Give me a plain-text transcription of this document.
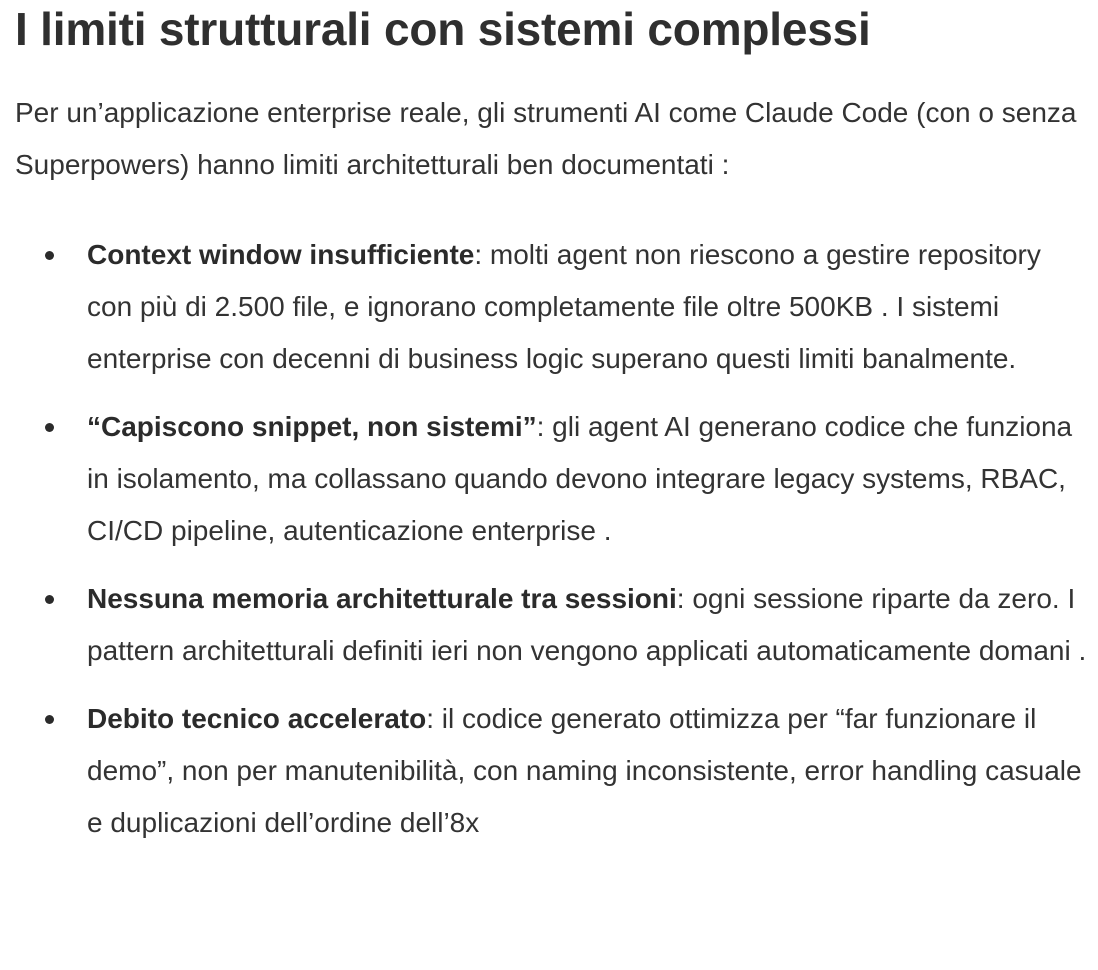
I limiti strutturali con sistemi complessi

Per un’applicazione enterprise reale, gli strumenti AI come Claude Code (con o senza Superpowers) hanno limiti architetturali ben documentati :

Context window insufficiente: molti agent non riescono a gestire repository con più di 2.500 file, e ignorano completamente file oltre 500KB . I sistemi enterprise con decenni di business logic superano questi limiti banalmente.
“Capiscono snippet, non sistemi”: gli agent AI generano codice che funziona in isolamento, ma collassano quando devono integrare legacy systems, RBAC, CI/CD pipeline, autenticazione enterprise .
Nessuna memoria architetturale tra sessioni: ogni sessione riparte da zero. I pattern architetturali definiti ieri non vengono applicati automaticamente domani .
Debito tecnico accelerato: il codice generato ottimizza per “far funzionare il demo”, non per manutenibilità, con naming inconsistente, error handling casuale e duplicazioni dell’ordine dell’8x
